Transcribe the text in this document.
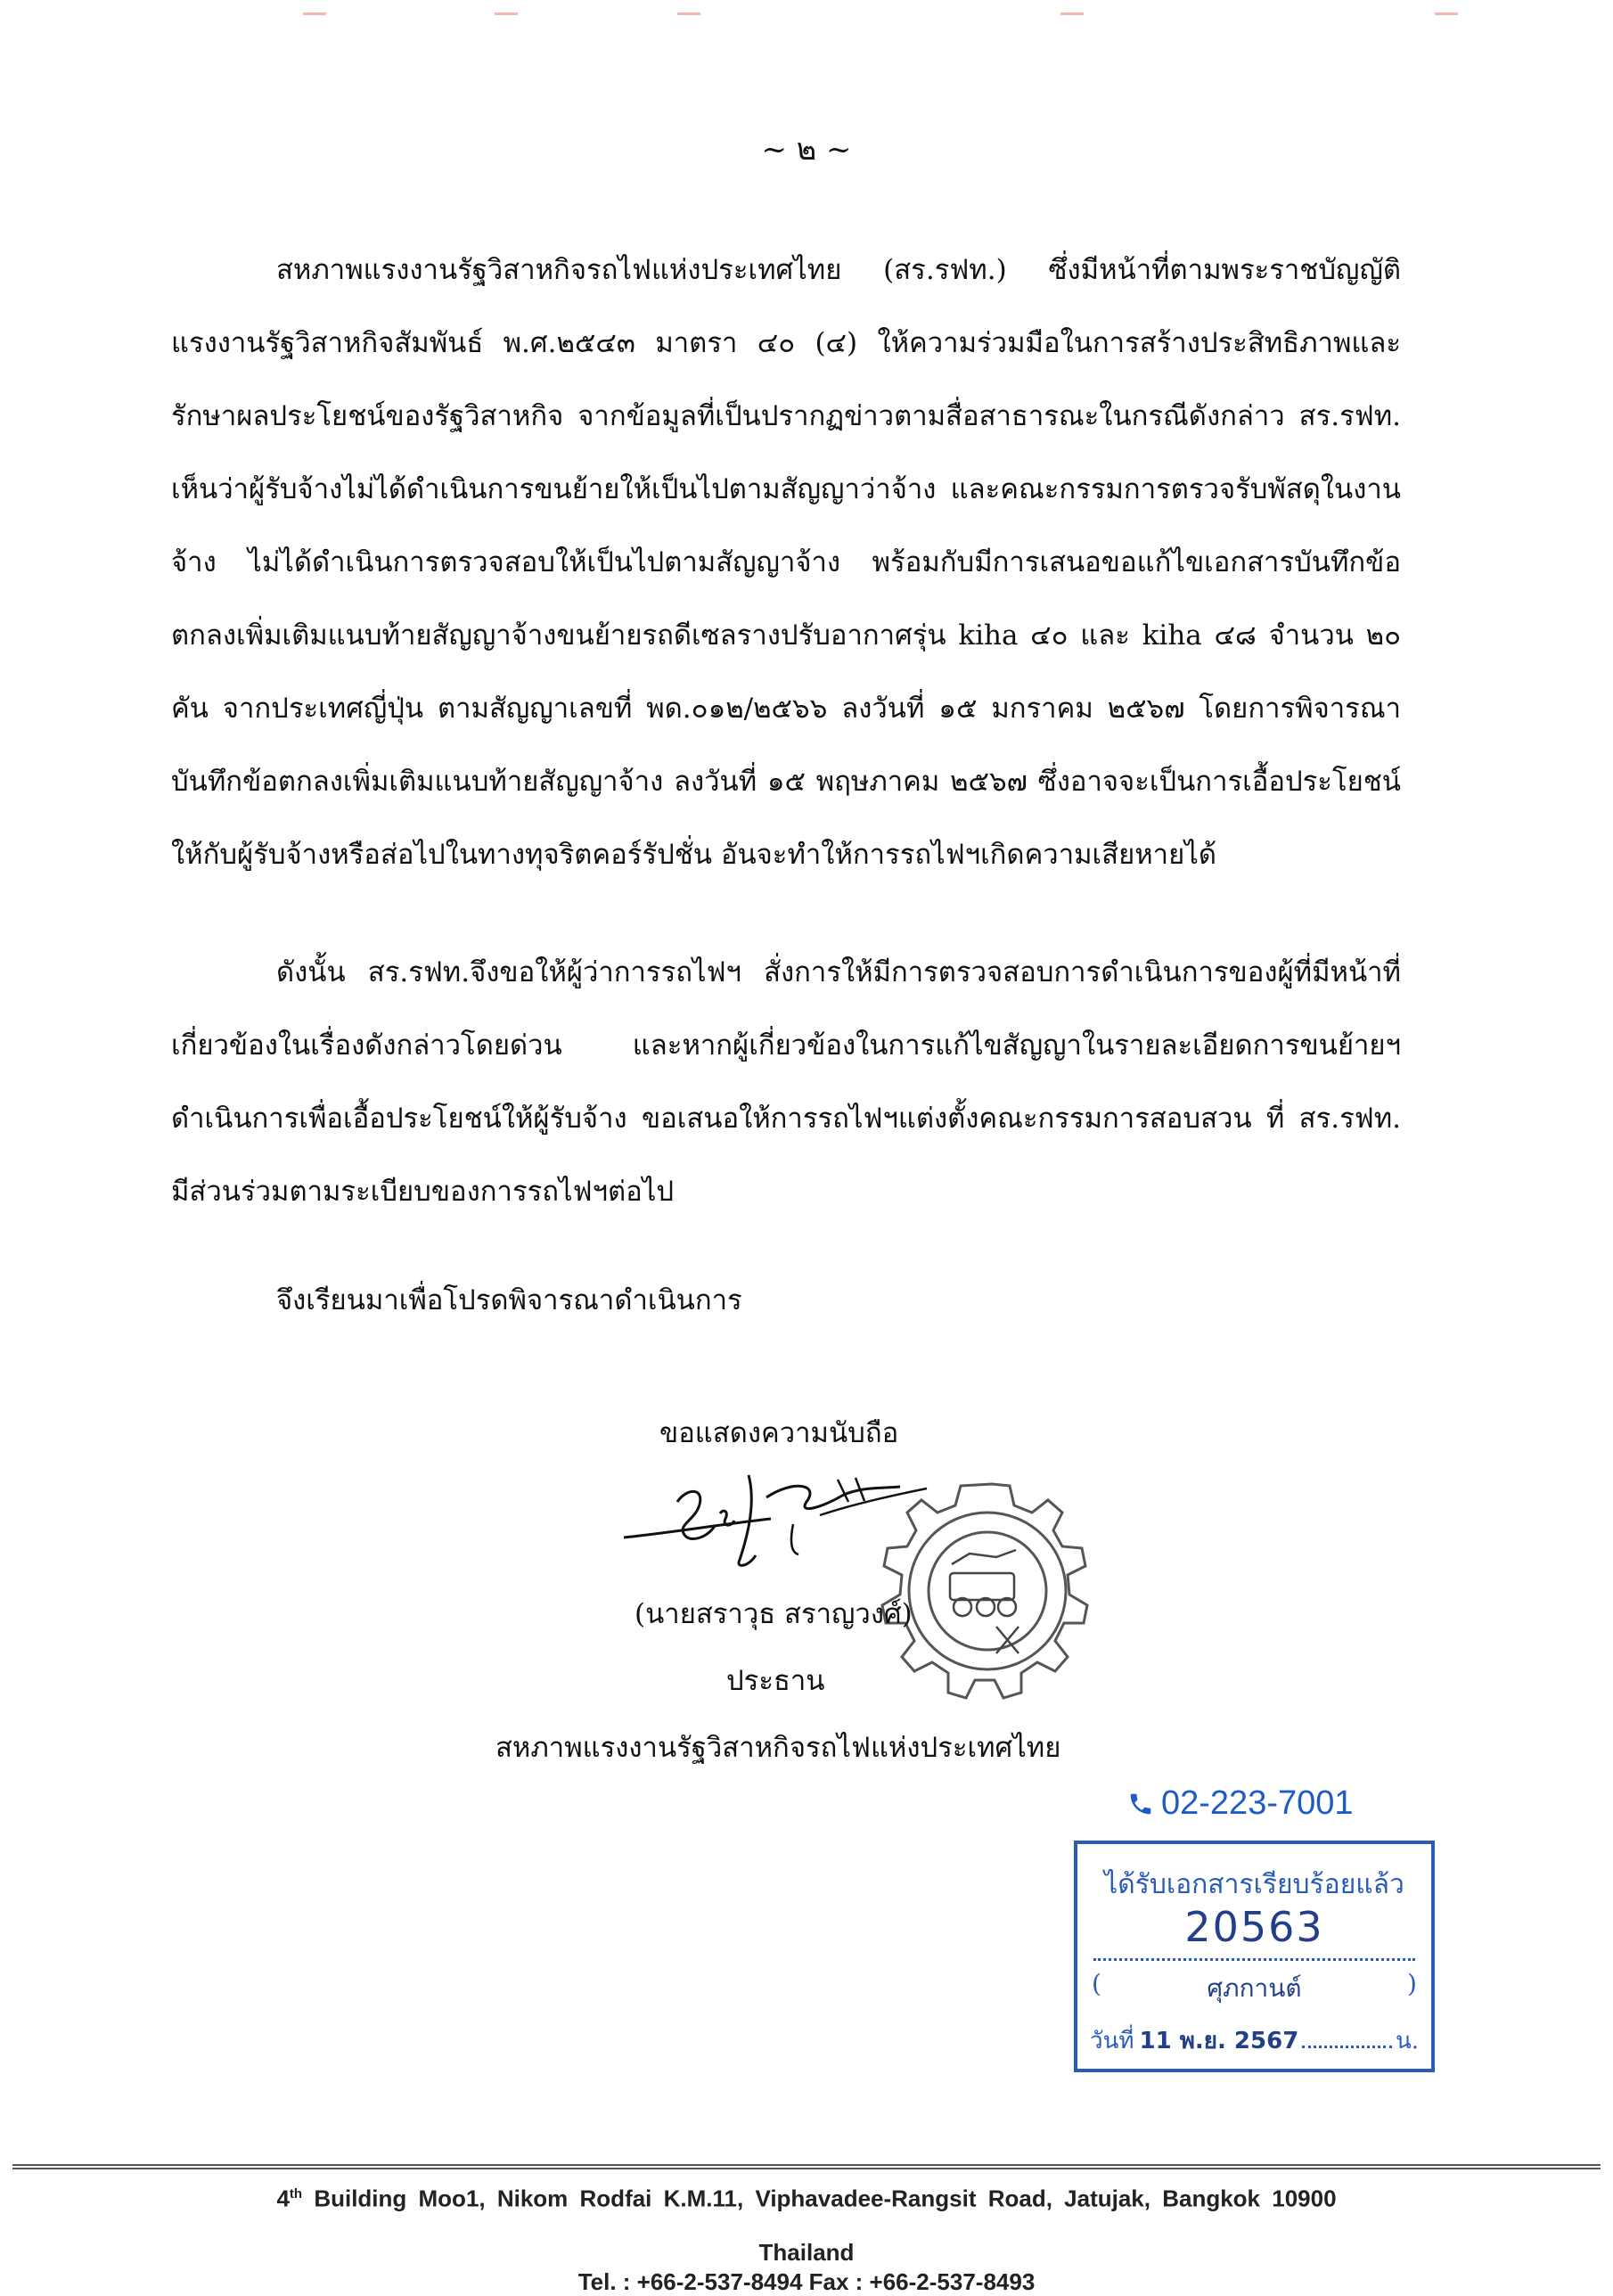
~ ๒ ~

สหภาพแรงงานรัฐวิสาหกิจรถไฟแห่งประเทศไทย (สร.รฟท.) ซึ่งมีหน้าที่ตามพระราชบัญญัติแรงงานรัฐวิสาหกิจสัมพันธ์ พ.ศ.๒๕๔๓ มาตรา ๔๐ (๔) ให้ความร่วมมือในการสร้างประสิทธิภาพและรักษาผลประโยชน์ของรัฐวิสาหกิจ จากข้อมูลที่เป็นปรากฏข่าวตามสื่อสาธารณะในกรณีดังกล่าว สร.รฟท. เห็นว่าผู้รับจ้างไม่ได้ดำเนินการขนย้ายให้เป็นไปตามสัญญาว่าจ้าง และคณะกรรมการตรวจรับพัสดุในงานจ้าง ไม่ได้ดำเนินการตรวจสอบให้เป็นไปตามสัญญาจ้าง พร้อมกับมีการเสนอขอแก้ไขเอกสารบันทึกข้อตกลงเพิ่มเติมแนบท้ายสัญญาจ้างขนย้ายรถดีเซลรางปรับอากาศรุ่น kiha ๔๐ และ kiha ๔๘ จำนวน ๒๐ คัน จากประเทศญี่ปุ่น ตามสัญญาเลขที่ พด.๐๑๒/๒๕๖๖ ลงวันที่ ๑๕ มกราคม ๒๕๖๗ โดยการพิจารณาบันทึกข้อตกลงเพิ่มเติมแนบท้ายสัญญาจ้าง ลงวันที่ ๑๕ พฤษภาคม ๒๕๖๗ ซึ่งอาจจะเป็นการเอื้อประโยชน์ให้กับผู้รับจ้างหรือส่อไปในทางทุจริตคอร์รัปชั่น อันจะทำให้การรถไฟฯเกิดความเสียหายได้

ดังนั้น สร.รฟท.จึงขอให้ผู้ว่าการรถไฟฯ สั่งการให้มีการตรวจสอบการดำเนินการของผู้ที่มีหน้าที่เกี่ยวข้องในเรื่องดังกล่าวโดยด่วน และหากผู้เกี่ยวข้องในการแก้ไขสัญญาในรายละเอียดการขนย้ายฯดำเนินการเพื่อเอื้อประโยชน์ให้ผู้รับจ้าง ขอเสนอให้การรถไฟฯแต่งตั้งคณะกรรมการสอบสวน ที่ สร.รฟท. มีส่วนร่วมตามระเบียบของการรถไฟฯต่อไป

จึงเรียนมาเพื่อโปรดพิจารณาดำเนินการ

ขอแสดงความนับถือ
(นายสราวุธ สราญวงศ์)
ประธาน
สหภาพแรงงานรัฐวิสาหกิจรถไฟแห่งประเทศไทย
02-223-7001
ได้รับเอกสารเรียบร้อยแล้ว
20563
(	ศุภกานต์	)
วันที่ 11 พ.ย. 2567	น.
4th Building Moo1, Nikom Rodfai K.M.11, Viphavadee-Rangsit Road, Jatujak, Bangkok 10900
Thailand
Tel. : +66-2-537-8494 Fax : +66-2-537-8493
